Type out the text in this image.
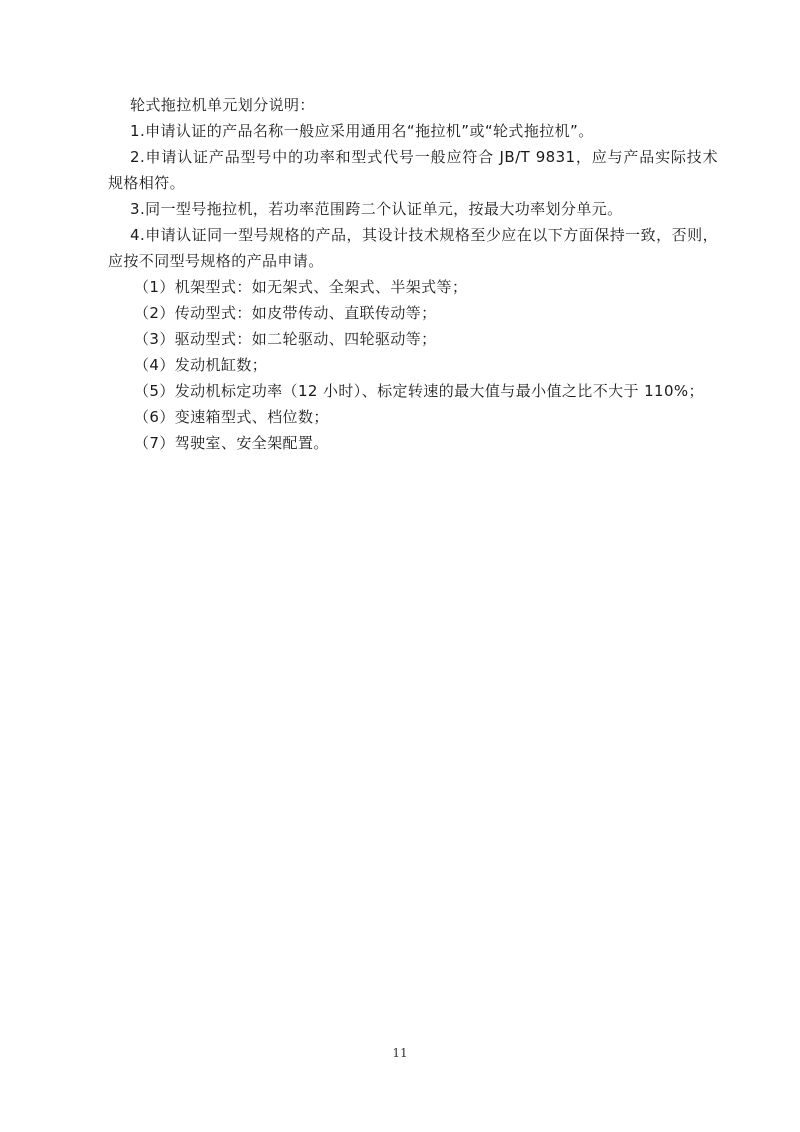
轮式拖拉机单元划分说明：

1.申请认证的产品名称一般应采用通用名“拖拉机”或“轮式拖拉机”。

2.申请认证产品型号中的功率和型式代号一般应符合 JB/T 9831，应与产品实际技术规格相符。

3.同一型号拖拉机，若功率范围跨二个认证单元，按最大功率划分单元。

4.申请认证同一型号规格的产品，其设计技术规格至少应在以下方面保持一致，否则，应按不同型号规格的产品申请。

（1）机架型式：如无架式、全架式、半架式等；
（2）传动型式：如皮带传动、直联传动等；
（3）驱动型式：如二轮驱动、四轮驱动等；
（4）发动机缸数；
（5）发动机标定功率（12 小时）、标定转速的最大值与最小值之比不大于 110%；
（6）变速箱型式、档位数；
（7）驾驶室、安全架配置。
11
